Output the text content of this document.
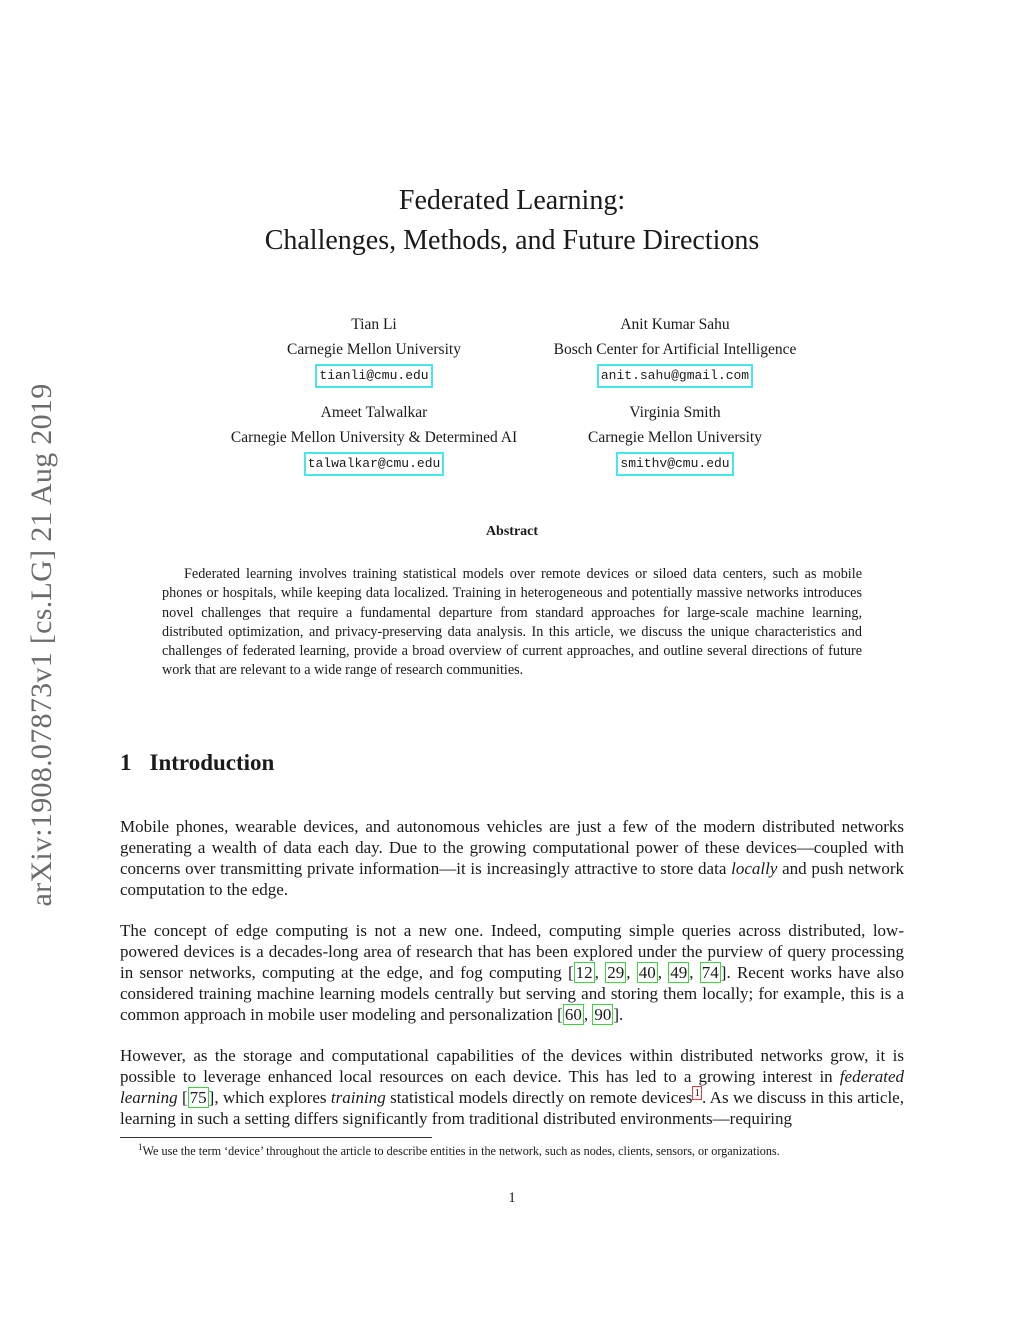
arXiv:1908.07873v1 [cs.LG] 21 Aug 2019
Federated Learning:
Challenges, Methods, and Future Directions
Tian Li
Carnegie Mellon University
tianli@cmu.edu
Anit Kumar Sahu
Bosch Center for Artificial Intelligence
anit.sahu@gmail.com
Ameet Talwalkar
Carnegie Mellon University & Determined AI
talwalkar@cmu.edu
Virginia Smith
Carnegie Mellon University
smithv@cmu.edu
Abstract
Federated learning involves training statistical models over remote devices or siloed data centers, such as mobile phones or hospitals, while keeping data localized. Training in heterogeneous and potentially massive networks introduces novel challenges that require a fundamental departure from standard approaches for large-scale machine learning, distributed optimization, and privacy-preserving data analysis. In this article, we discuss the unique characteristics and challenges of federated learning, provide a broad overview of current approaches, and outline several directions of future work that are relevant to a wide range of research communities.
1 Introduction
Mobile phones, wearable devices, and autonomous vehicles are just a few of the modern distributed networks generating a wealth of data each day. Due to the growing computational power of these devices—coupled with concerns over transmitting private information—it is increasingly attractive to store data locally and push network computation to the edge.
The concept of edge computing is not a new one. Indeed, computing simple queries across distributed, low-powered devices is a decades-long area of research that has been explored under the purview of query processing in sensor networks, computing at the edge, and fog computing [ 12 , 29 , 40 , 49 , 74 ]. Recent works have also considered training machine learning models centrally but serving and storing them locally; for example, this is a common approach in mobile user modeling and personalization [ 60 , 90 ].
However, as the storage and computational capabilities of the devices within distributed networks grow, it is possible to leverage enhanced local resources on each device. This has led to a growing interest in federated learning [ 75 ], which explores training statistical models directly on remote devices $^1$ . As we discuss in this article, learning in such a setting differs significantly from traditional distributed environments—requiring
$^1$We use the term ‘device’ throughout the article to describe entities in the network, such as nodes, clients, sensors, or organizations.
1
